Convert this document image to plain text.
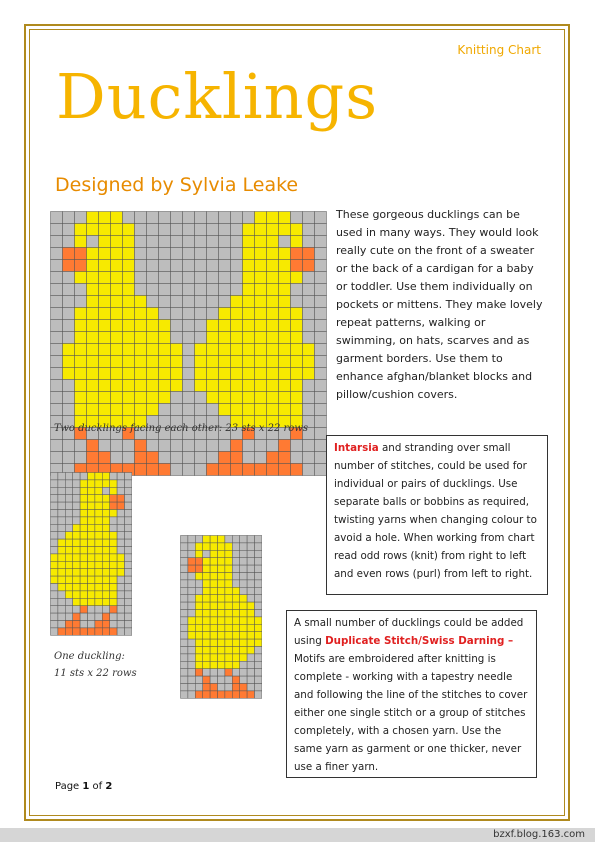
Knitting Chart
Ducklings
Designed by Sylvia Leake
These gorgeous ducklings can be used in many ways. They would look really cute on the front of a sweater or the back of a cardigan for a baby or toddler. Use them individually on pockets or mittens. They make lovely repeat patterns, walking or swimming, on hats, scarves and as garment borders. Use them to enhance afghan/blanket blocks and pillow/cushion covers.
Two ducklings facing each other: 23 sts x 22 rows
One duckling:
11 sts x 22 rows
Intarsia and stranding over small number of stitches, could be used for individual or pairs of ducklings. Use separate balls or bobbins as required, twisting yarns when changing colour to avoid a hole. When working from chart read odd rows (knit) from right to left and even rows (purl) from left to right.
A small number of ducklings could be added using Duplicate Stitch/Swiss Darning –
Motifs are embroidered after knitting is complete - working with a tapestry needle and following the line of the stitches to cover either one single stitch or a group of stitches completely, with a chosen yarn. Use the same yarn as garment or one thicker, never use a finer yarn.
Page 1 of 2
bzxf.blog.163.com
